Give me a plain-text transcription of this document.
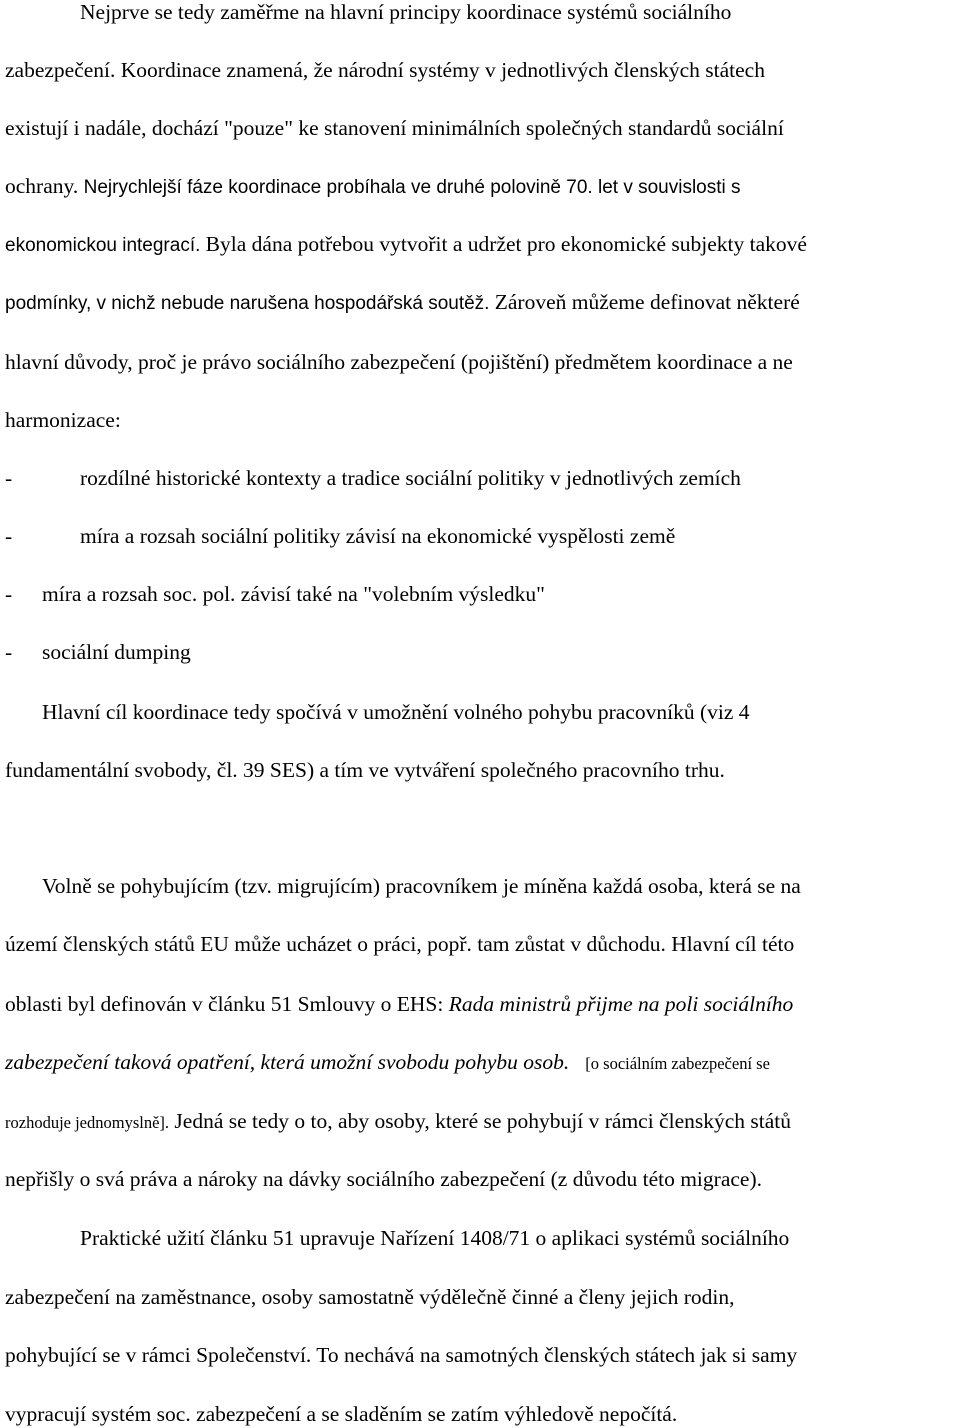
Nejprve se tedy zaměřme na hlavní principy koordinace systémů sociálního
zabezpečení. Koordinace znamená, že národní systémy v jednotlivých členských státech
existují i nadále, dochází "pouze" ke stanovení minimálních společných standardů sociální
ochrany. Nejrychlejší fáze koordinace probíhala ve druhé polovině 70. let v souvislosti s
ekonomickou integrací. Byla dána potřebou vytvořit a udržet pro ekonomické subjekty takové
podmínky, v nichž nebude narušena hospodářská soutěž. Zároveň můžeme definovat některé
hlavní důvody, proč je právo sociálního zabezpečení (pojištění) předmětem koordinace a ne
harmonizace:
-	rozdílné historické kontexty a tradice sociální politiky v jednotlivých zemích
-	míra a rozsah sociální politiky závisí na ekonomické vyspělosti země
- míra a rozsah soc. pol. závisí také na "volebním výsledku"
- sociální dumping
Hlavní cíl koordinace tedy spočívá v umožnění volného pohybu pracovníků (viz 4
fundamentální svobody, čl. 39 SES) a tím ve vytváření společného pracovního trhu.
Volně se pohybujícím (tzv. migrujícím) pracovníkem je míněna každá osoba, která se na
území členských států EU může ucházet o práci, popř. tam zůstat v důchodu. Hlavní cíl této
oblasti byl definován v článku 51 Smlouvy o EHS: Rada ministrů přijme na poli sociálního
zabezpečení taková opatření, která umožní svobodu pohybu osob. [o sociálním zabezpečení se
rozhoduje jednomyslně]. Jedná se tedy o to, aby osoby, které se pohybují v rámci členských států
nepřišly o svá práva a nároky na dávky sociálního zabezpečení (z důvodu této migrace).
Praktické užití článku 51 upravuje Nařízení 1408/71 o aplikaci systémů sociálního
zabezpečení na zaměstnance, osoby samostatně výdělečně činné a členy jejich rodin,
pohybující se v rámci Společenství. To nechává na samotných členských státech jak si samy
vypracují systém soc. zabezpečení a se sladěním se zatím výhledově nepočítá.
